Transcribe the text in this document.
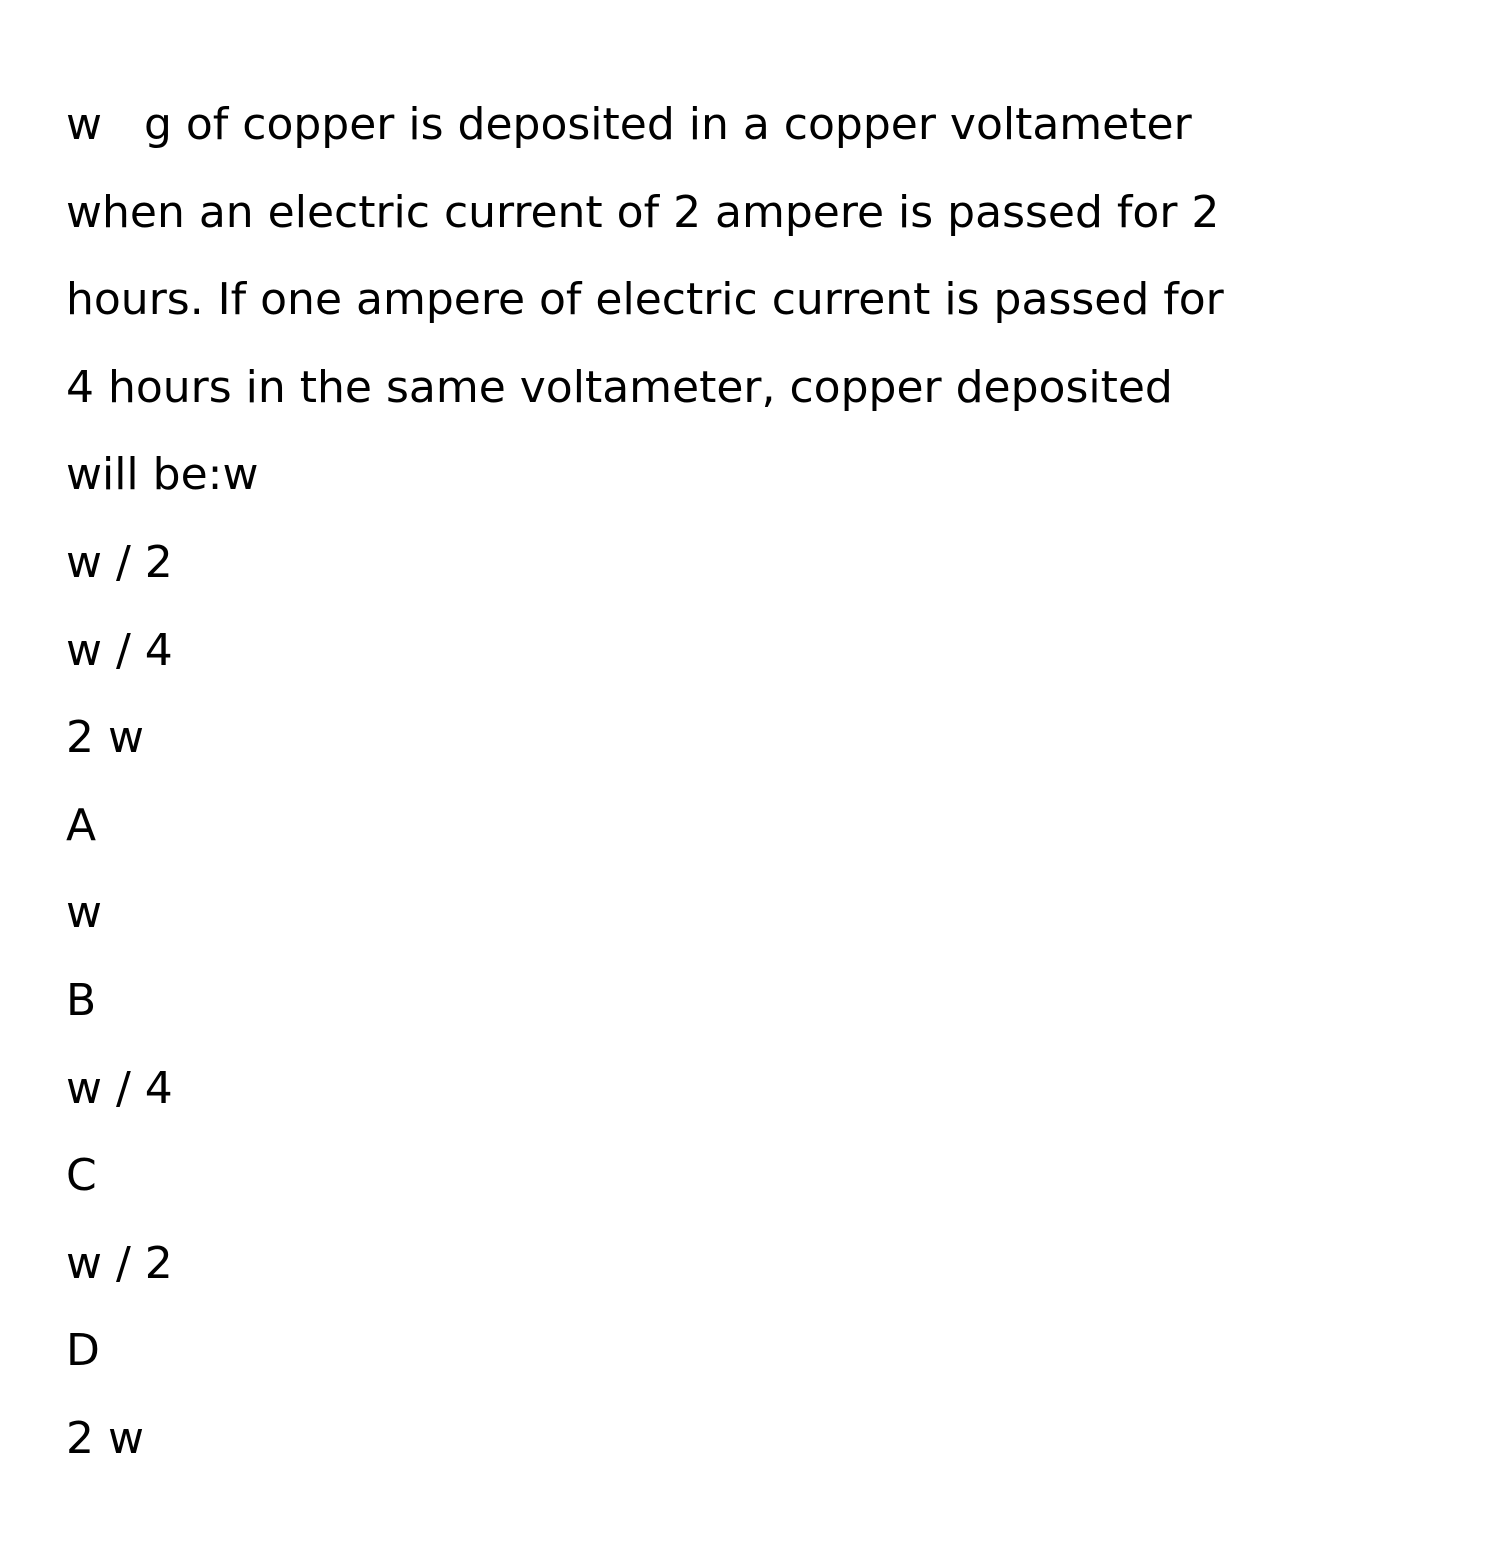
w   g of copper is deposited in a copper voltameter
when an electric current of 2 ampere is passed for 2
hours. If one ampere of electric current is passed for
4 hours in the same voltameter, copper deposited
will be:w
w / 2
w / 4
2 w
A
w
B
w / 4
C
w / 2
D
2 w
